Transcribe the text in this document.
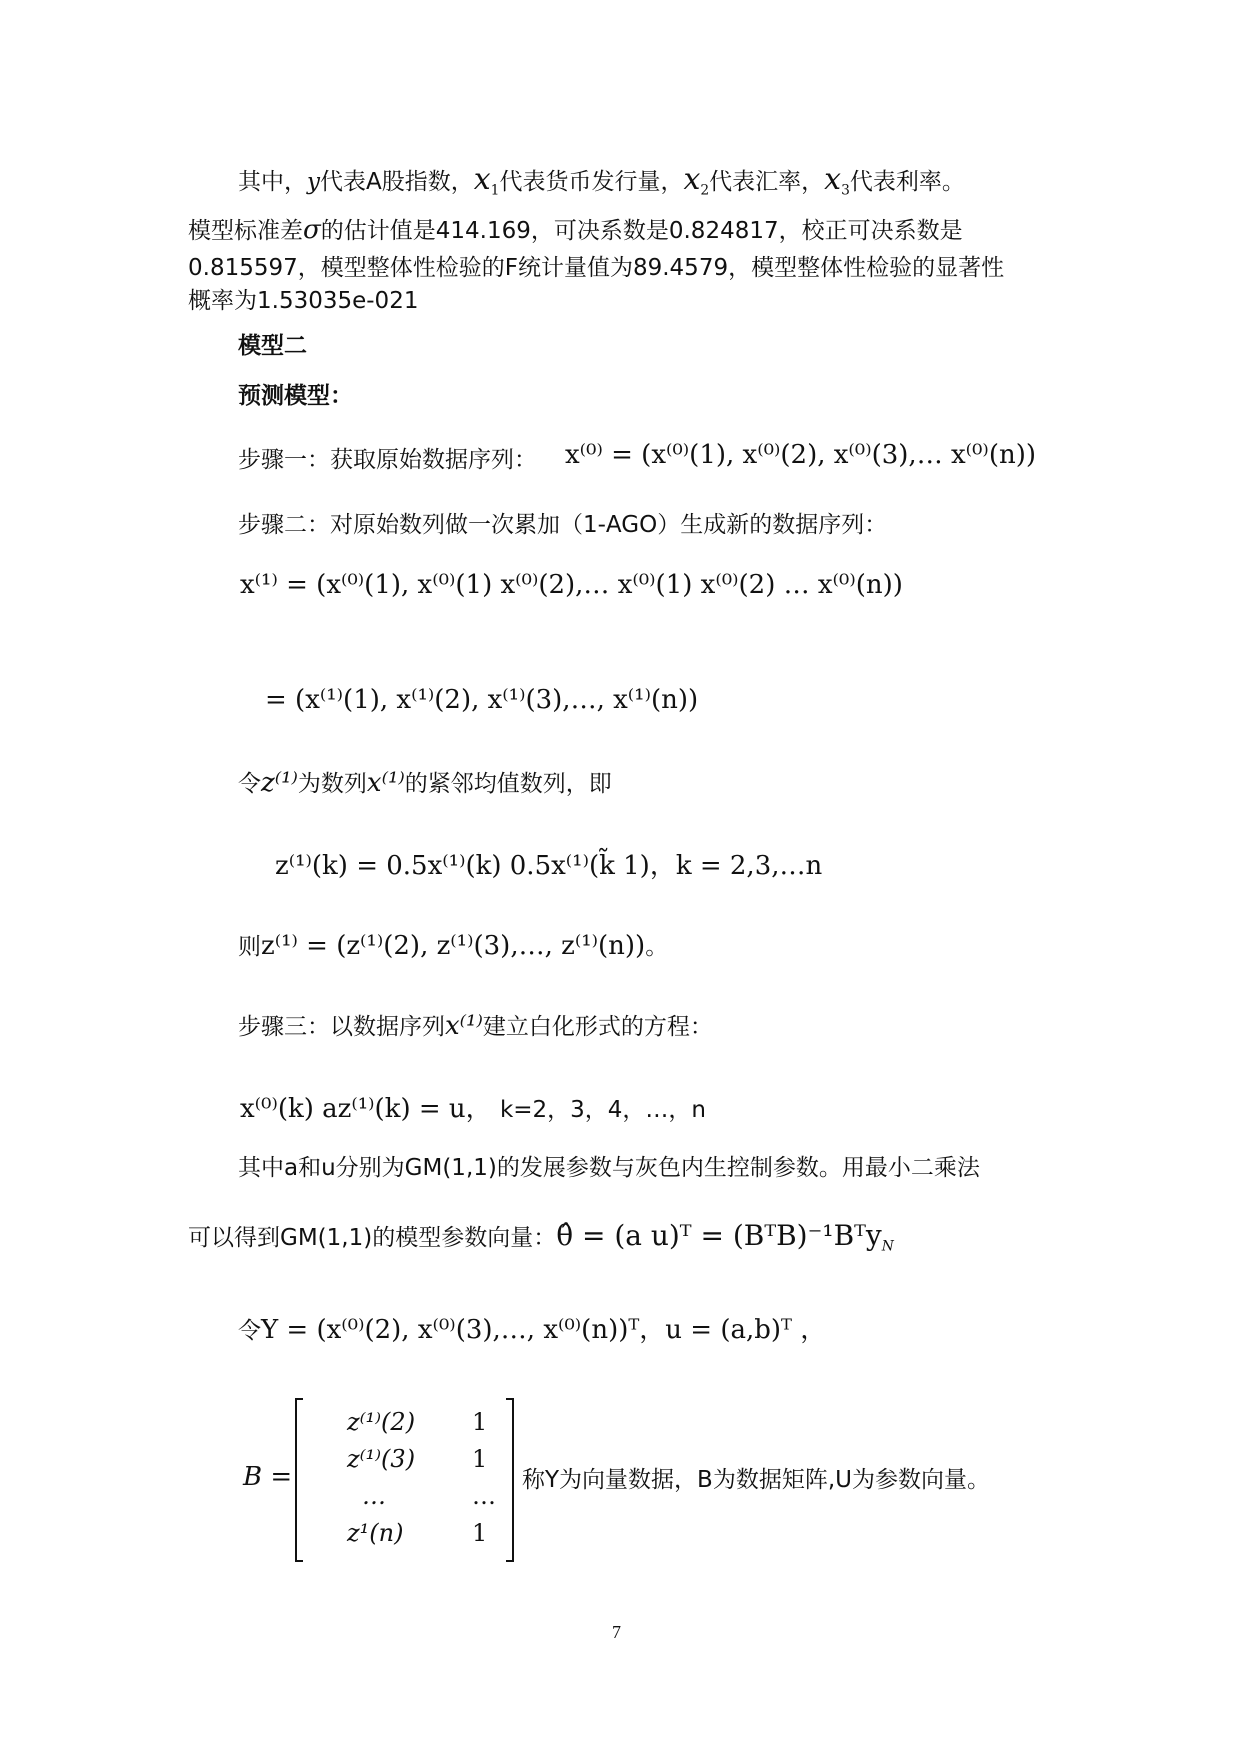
其中，y代表A股指数，$x_1$代表货币发行量，$x_2$代表汇率，$x_3$代表利率。
模型标准差σ的估计值是414.169，可决系数是0.824817，校正可决系数是
0.815597，模型整体性检验的F统计量值为89.4579，模型整体性检验的显著性
概率为1.53035e-021
模型二
预测模型：
步骤一：获取原始数据序列： x⁽⁰⁾ = (x⁽⁰⁾(1), x⁽⁰⁾(2), x⁽⁰⁾(3),… x⁽⁰⁾(n))
步骤二：对原始数列做一次累加（1-AGO）生成新的数据序列：
x⁽¹⁾ = (x⁽⁰⁾(1), x⁽⁰⁾(1) x⁽⁰⁾(2),… x⁽⁰⁾(1) x⁽⁰⁾(2) … x⁽⁰⁾(n))
= (x⁽¹⁾(1), x⁽¹⁾(2), x⁽¹⁾(3),…, x⁽¹⁾(n))
令z⁽¹⁾为数列x⁽¹⁾的紧邻均值数列，即
z⁽¹⁾(k) = 0.5x⁽¹⁾(k) 0.5x⁽¹⁾(k̃ 1)，k = 2,3,…n
则z⁽¹⁾ = (z⁽¹⁾(2), z⁽¹⁾(3),…, z⁽¹⁾(n))。
步骤三：以数据序列x⁽¹⁾建立白化形式的方程：
x⁽⁰⁾(k) az⁽¹⁾(k) = u， k=2，3，4，…，n
其中a和u分别为GM(1,1)的发展参数与灰色内生控制参数。用最小二乘法
可以得到GM(1,1)的模型参数向量：θ̂ = (a u)ᵀ = (BᵀB)⁻¹Bᵀy$_N$
令Y = (x⁽⁰⁾(2), x⁽⁰⁾(3),…, x⁽⁰⁾(n))ᵀ，u = (a,b)ᵀ ，
B =
z⁽¹⁾(2) 1
z⁽¹⁾(3) 1
…	…
z¹(n)	1
称Y为向量数据，B为数据矩阵,U为参数向量。
7
